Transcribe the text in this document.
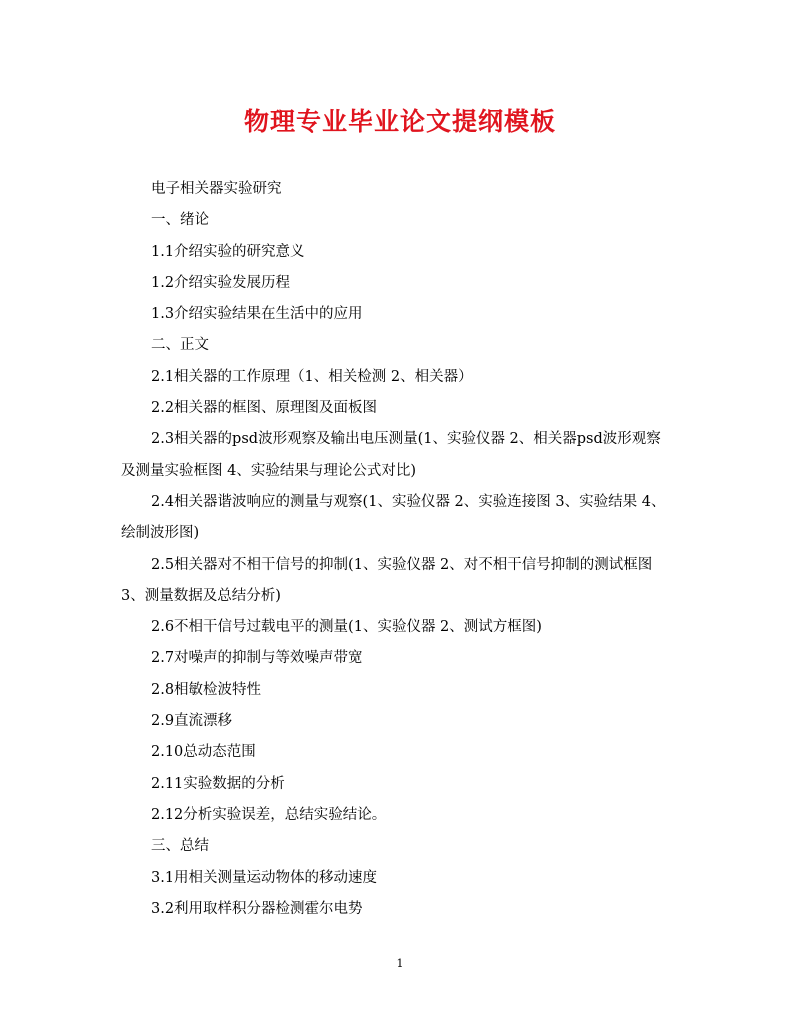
物理专业毕业论文提纲模板

电子相关器实验研究

一、绪论

1.1介绍实验的研究意义

1.2介绍实验发展历程

1.3介绍实验结果在生活中的应用

二、正文

2.1相关器的工作原理（1、相关检测 2、相关器）

2.2相关器的框图、原理图及面板图

2.3相关器的psd波形观察及输出电压测量(1、实验仪器 2、相关器psd波形观察及测量实验框图 4、实验结果与理论公式对比)

2.4相关器谐波响应的测量与观察(1、实验仪器 2、实验连接图 3、实验结果 4、绘制波形图)

2.5相关器对不相干信号的抑制(1、实验仪器 2、对不相干信号抑制的测试框图 3、测量数据及总结分析)

2.6不相干信号过载电平的测量(1、实验仪器 2、测试方框图)

2.7对噪声的抑制与等效噪声带宽

2.8相敏检波特性

2.9直流漂移

2.10总动态范围

2.11实验数据的分析

2.12分析实验误差，总结实验结论。

三、总结

3.1用相关测量运动物体的移动速度

3.2利用取样积分器检测霍尔电势

1
